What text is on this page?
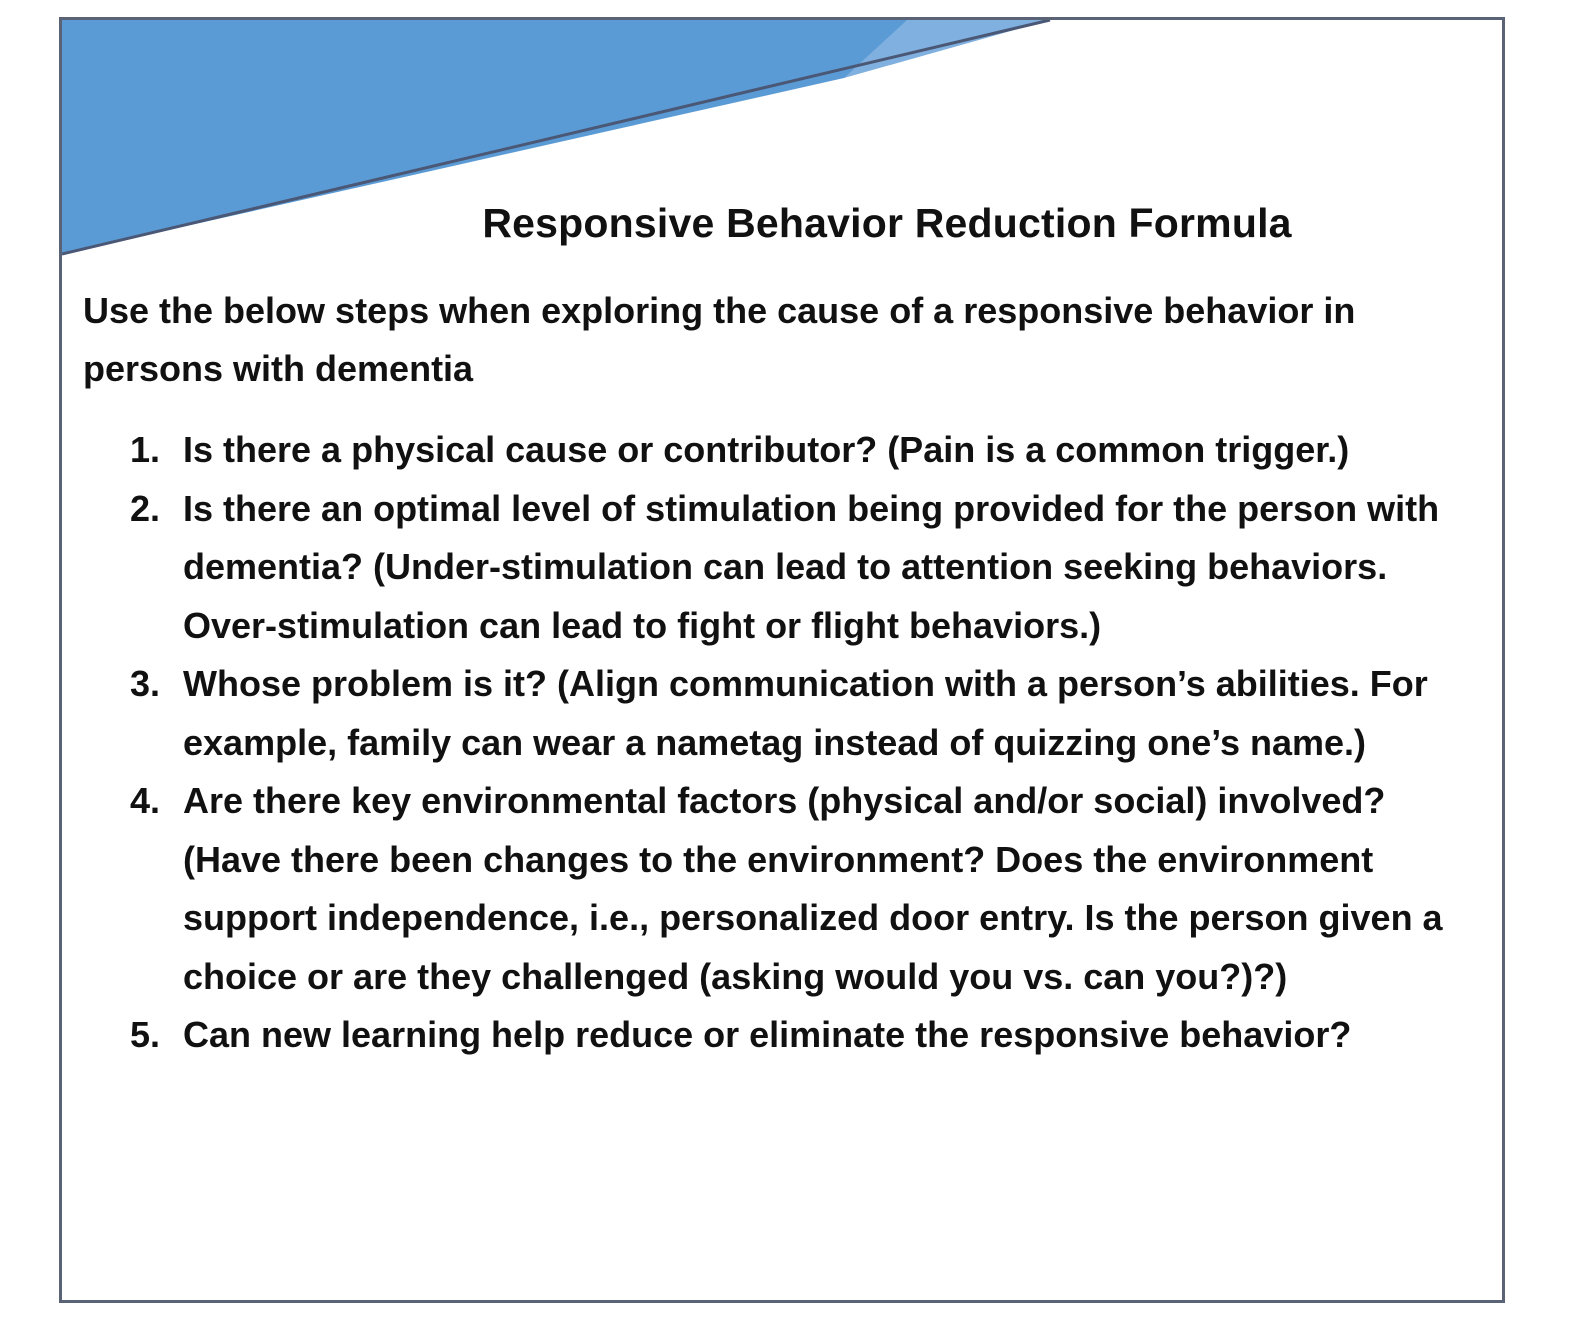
Responsive Behavior Reduction Formula
Use the below steps when exploring the cause of a responsive behavior in persons with dementia
1. Is there a physical cause or contributor? (Pain is a common trigger.)
2. Is there an optimal level of stimulation being provided for the person with dementia? (Under-stimulation can lead to attention seeking behaviors. Over-stimulation can lead to fight or flight behaviors.)
3. Whose problem is it? (Align communication with a person’s abilities. For example, family can wear a nametag instead of quizzing one’s name.)
4. Are there key environmental factors (physical and/or social) involved? (Have there been changes to the environment? Does the environment support independence, i.e., personalized door entry. Is the person given a choice or are they challenged (asking would you vs. can you?)?)
5. Can new learning help reduce or eliminate the responsive behavior?
